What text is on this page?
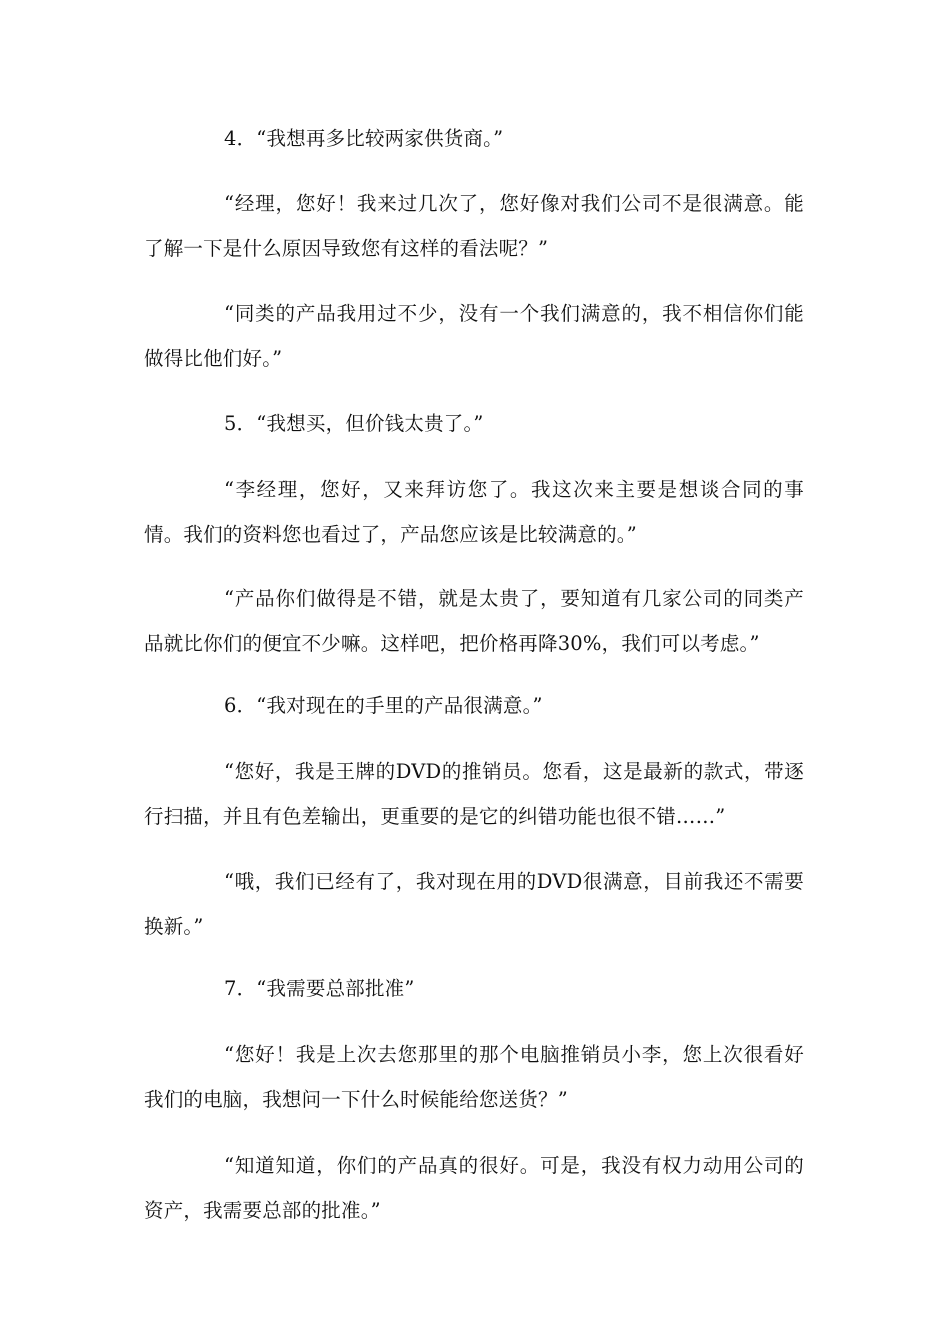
4．“我想再多比较两家供货商。”

“经理，您好！我来过几次了，您好像对我们公司不是很满意。能了解一下是什么原因导致您有这样的看法呢？”

“同类的产品我用过不少，没有一个我们满意的，我不相信你们能做得比他们好。”

5．“我想买，但价钱太贵了。”

“李经理，您好，又来拜访您了。我这次来主要是想谈合同的事情。我们的资料您也看过了，产品您应该是比较满意的。”

“产品你们做得是不错，就是太贵了，要知道有几家公司的同类产品就比你们的便宜不少嘛。这样吧，把价格再降30%，我们可以考虑。”

6．“我对现在的手里的产品很满意。”

“您好，我是王牌的DVD的推销员。您看，这是最新的款式，带逐行扫描，并且有色差输出，更重要的是它的纠错功能也很不错……”

“哦，我们已经有了，我对现在用的DVD很满意，目前我还不需要换新。”

7．“我需要总部批准”

“您好！我是上次去您那里的那个电脑推销员小李，您上次很看好我们的电脑，我想问一下什么时候能给您送货？”

“知道知道，你们的产品真的很好。可是，我没有权力动用公司的资产，我需要总部的批准。”
